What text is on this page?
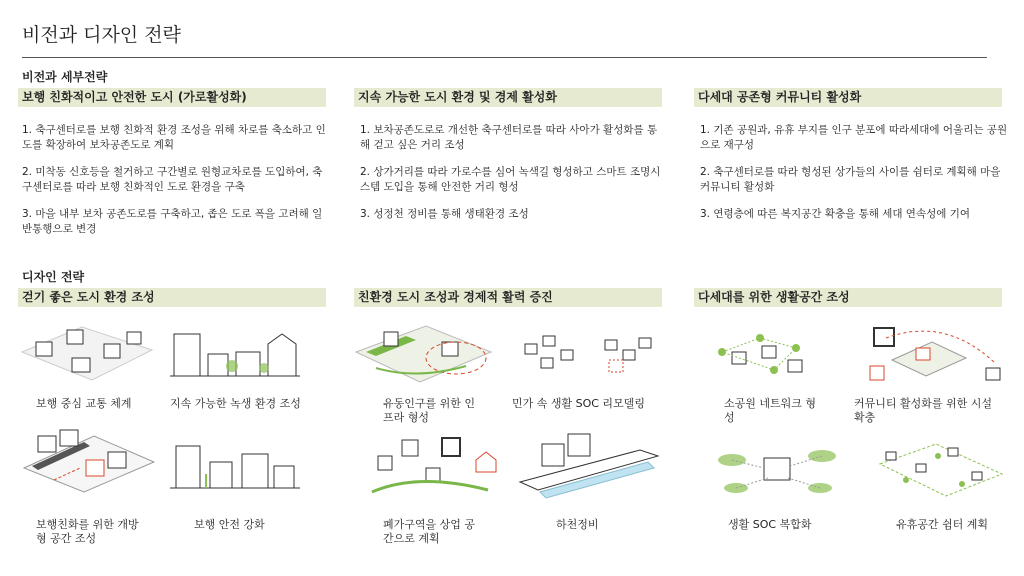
비전과 디자인 전략
비전과 세부전략
보행 친화적이고 안전한 도시 (가로활성화)	지속 가능한 도시 환경 및 경제 활성화	다세대 공존형 커뮤니티 활성화

1. 축구센터로를 보행 친화적 환경 조성을 위해 차로를 축소하고 인도를 확장하여 보차공존도로 계획

2. 미착동 신호등을 철거하고 구간별로 원형교차로를 도입하여, 축구센터로를 따라 보행 친화적인 도로 환경을 구축

3. 마을 내부 보차 공존도로를 구축하고, 좁은 도로 폭을 고려해 일반통행으로 변경

1. 보차공존도로로 개선한 축구센터로를 따라 사아가 활성화를 통해 걷고 싶은 거리 조성

2. 상가거리를 따라 가로수를 심어 녹색길 형성하고 스마트 조명시스템 도입을 통해 안전한 거리 형성

3. 성정천 정비를 통해 생태환경 조성

1. 기존 공원과, 유휴 부지를 인구 분포에 따라세대에 어울리는 공원으로 재구성

2. 축구센터로를 따라 형성된 상가들의 사이를 쉼터로 계획해 마을 커뮤니티 활성화

3. 연령층에 따른 복지공간 확충을 통해 세대 연속성에 기여

디자인 전략
걷기 좋은 도시 환경 조성	친환경 도시 조성과 경제적 활력 증진	다세대를 위한 생활공간 조성
보행 중심 교통 체계	지속 가능한 녹생 환경 조성
보행친화를 위한 개방형 공간 조성
보행 안전 강화
유동인구를 위한 인프라 형성
민가 속 생활 SOC 리모델링
폐가구역을 상업 공간으로 계획
하천정비
소공원 네트워크 형성
커뮤니티 활성화를 위한 시설 확충
생활 SOC 복합화	유휴공간 쉼터 계획
